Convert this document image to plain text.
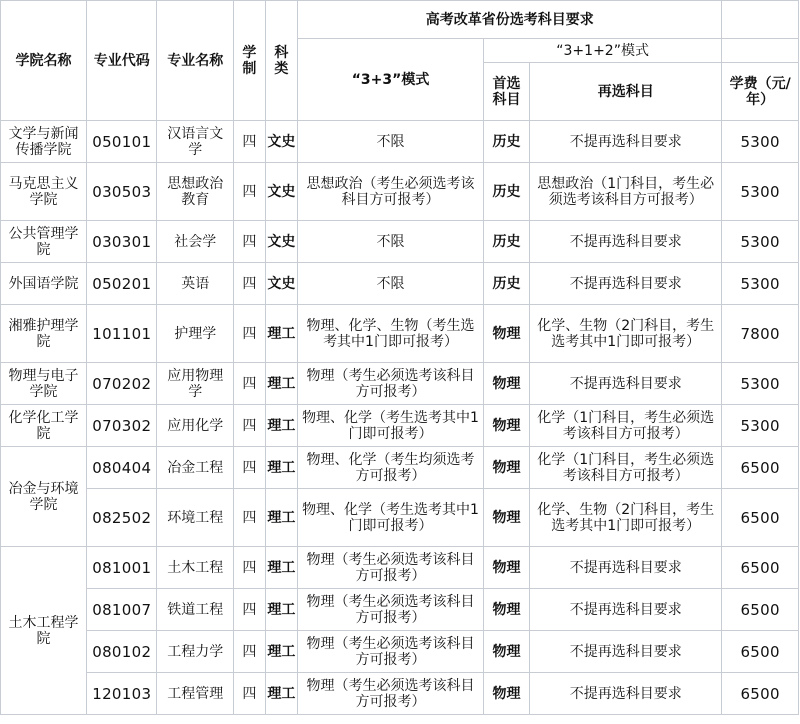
学院名称	专业代码	专业名称	学制	科类	高考改革省份选考科目要求			
					“3+3”模式	“3+1+2”模式		
						首选科目	再选科目	学费（元/年）
文学与新闻传播学院	050101	汉语言文学	四	文史	不限	历史	不提再选科目要求	5300
马克思主义学院	030503	思想政治教育	四	文史	思想政治（考生必须选考该科目方可报考）	历史	思想政治（1门科目，考生必须选考该科目方可报考）	5300
公共管理学院	030301	社会学	四	文史	不限	历史	不提再选科目要求	5300
外国语学院	050201	英语	四	文史	不限	历史	不提再选科目要求	5300
湘雅护理学院	101101	护理学	四	理工	物理、化学、生物（考生选考其中1门即可报考）	物理	化学、生物（2门科目，考生选考其中1门即可报考）	7800
物理与电子学院	070202	应用物理学	四	理工	物理（考生必须选考该科目方可报考）	物理	不提再选科目要求	5300
化学化工学院	070302	应用化学	四	理工	物理、化学（考生选考其中1门即可报考）	物理	化学（1门科目，考生必须选考该科目方可报考）	5300
冶金与环境学院	080404	冶金工程	四	理工	物理、化学（考生均须选考方可报考）	物理	化学（1门科目，考生必须选考该科目方可报考）	6500
	082502	环境工程	四	理工	物理、化学（考生选考其中1门即可报考）	物理	化学、生物（2门科目，考生选考其中1门即可报考）	6500
土木工程学院	081001	土木工程	四	理工	物理（考生必须选考该科目方可报考）	物理	不提再选科目要求	6500
	081007	铁道工程	四	理工	物理（考生必须选考该科目方可报考）	物理	不提再选科目要求	6500
	080102	工程力学	四	理工	物理（考生必须选考该科目方可报考）	物理	不提再选科目要求	6500
	120103	工程管理	四	理工	物理（考生必须选考该科目方可报考）	物理	不提再选科目要求	6500
